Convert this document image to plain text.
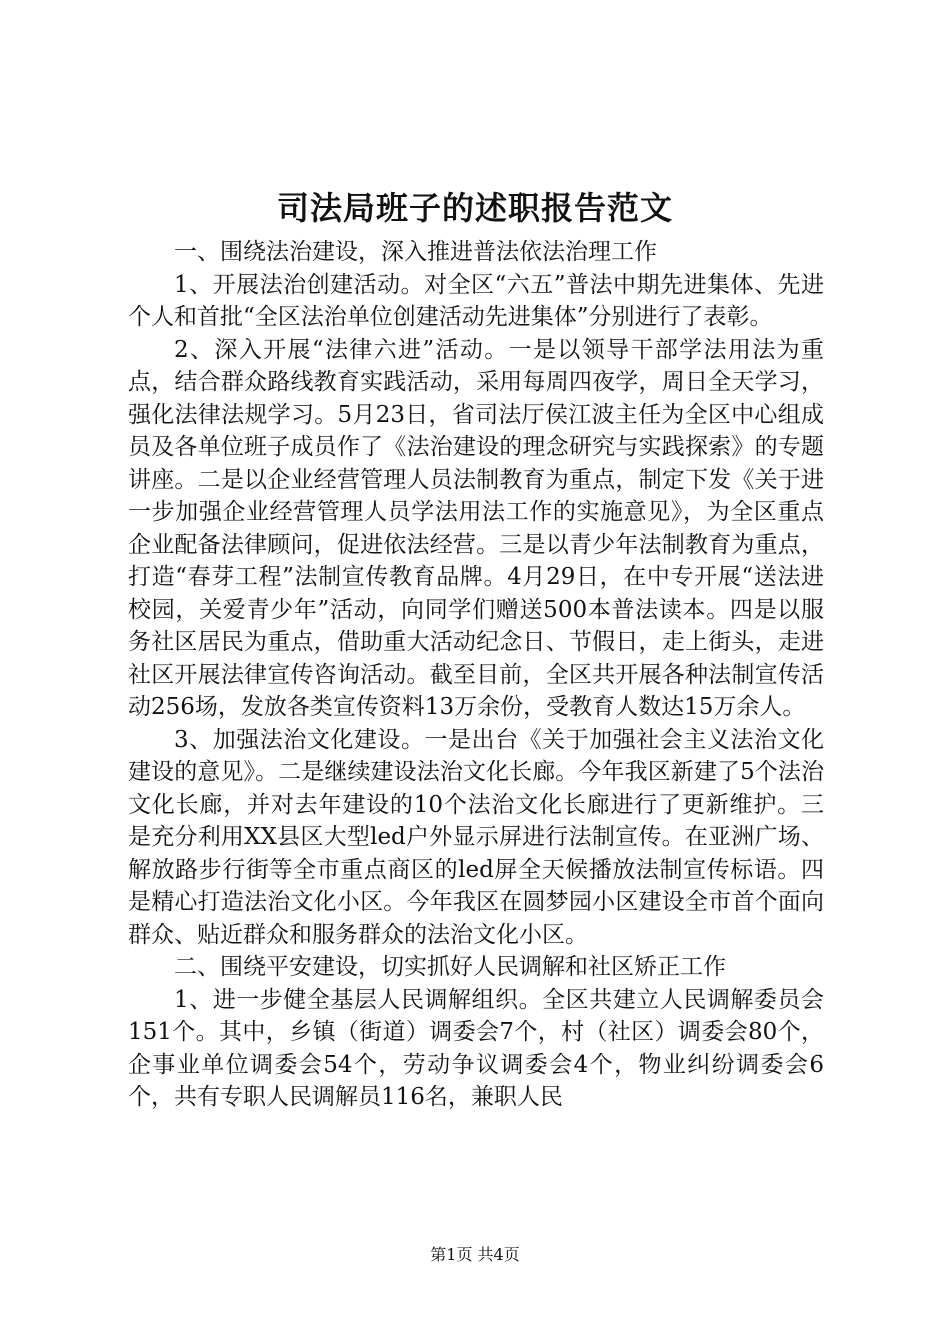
司法局班子的述职报告范文

一、围绕法治建设，深入推进普法依法治理工作

1、开展法治创建活动。对全区“六五”普法中期先进集体、先进个人和首批“全区法治单位创建活动先进集体”分别进行了表彰。

2、深入开展“法律六进”活动。一是以领导干部学法用法为重点，结合群众路线教育实践活动，采用每周四夜学，周日全天学习，强化法律法规学习。5月23日，省司法厅侯江波主任为全区中心组成员及各单位班子成员作了《法治建设的理念研究与实践探索》的专题讲座。二是以企业经营管理人员法制教育为重点，制定下发《关于进一步加强企业经营管理人员学法用法工作的实施意见》，为全区重点企业配备法律顾问，促进依法经营。三是以青少年法制教育为重点，打造“春芽工程”法制宣传教育品牌。4月29日，在中专开展“送法进校园，关爱青少年”活动，向同学们赠送500本普法读本。四是以服务社区居民为重点，借助重大活动纪念日、节假日，走上街头，走进社区开展法律宣传咨询活动。截至目前，全区共开展各种法制宣传活动256场，发放各类宣传资料13万余份，受教育人数达15万余人。

3、加强法治文化建设。一是出台《关于加强社会主义法治文化建设的意见》。二是继续建设法治文化长廊。今年我区新建了5个法治文化长廊，并对去年建设的10个法治文化长廊进行了更新维护。三是充分利用XX县区大型led户外显示屏进行法制宣传。在亚洲广场、解放路步行街等全市重点商区的led屏全天候播放法制宣传标语。四是精心打造法治文化小区。今年我区在圆梦园小区建设全市首个面向群众、贴近群众和服务群众的法治文化小区。

二、围绕平安建设，切实抓好人民调解和社区矫正工作

1、进一步健全基层人民调解组织。全区共建立人民调解委员会151个。其中，乡镇（街道）调委会7个，村（社区）调委会80个，企事业单位调委会54个，劳动争议调委会4个，物业纠纷调委会6个，共有专职人民调解员116名，兼职人民

第1页 共4页
